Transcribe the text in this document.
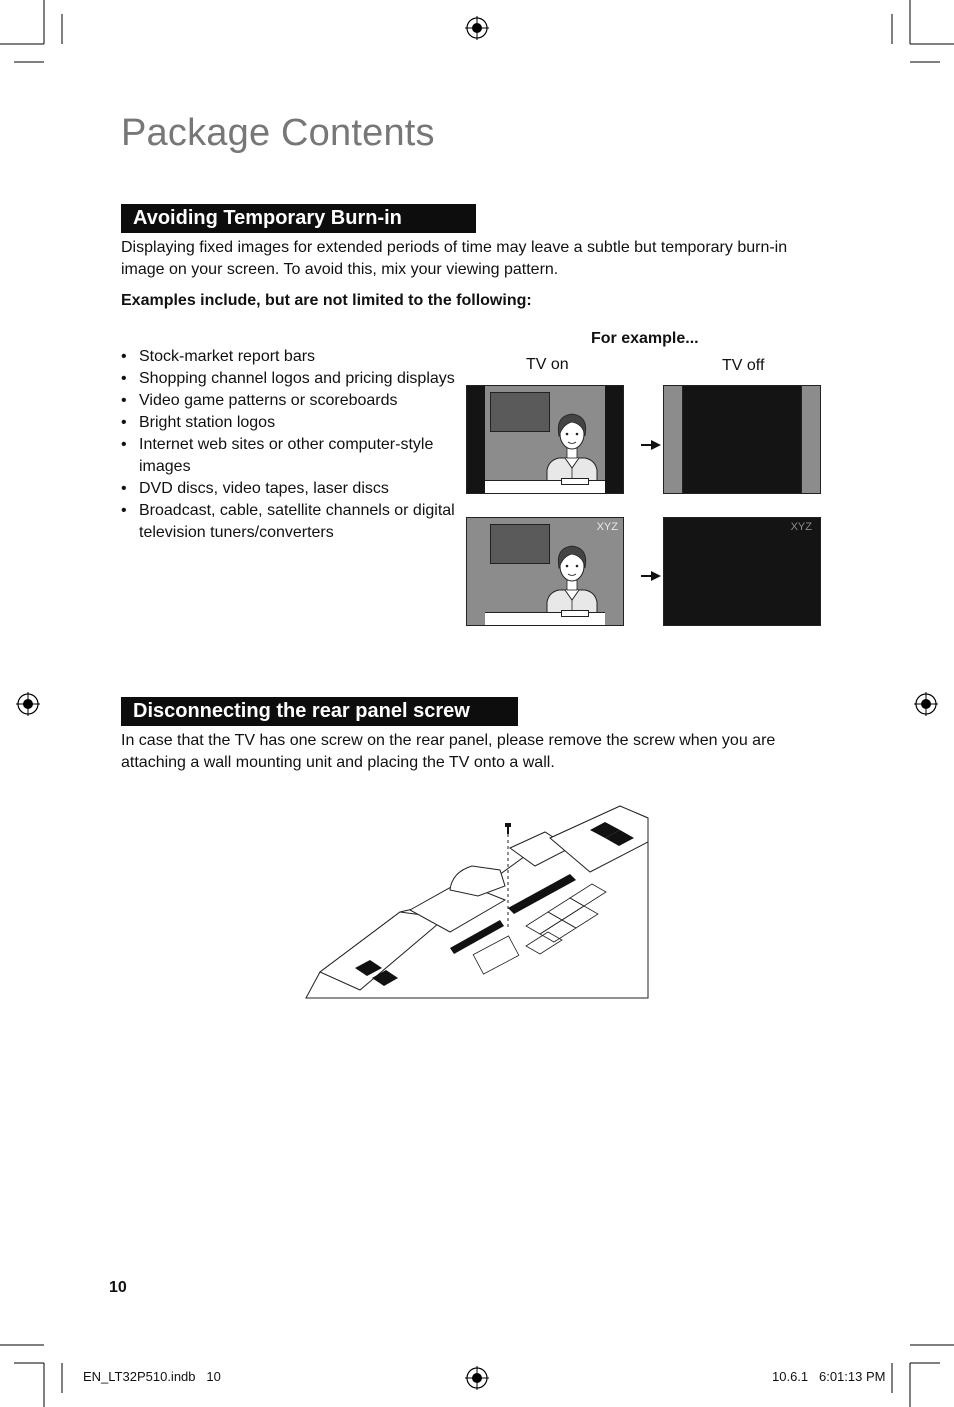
Package Contents
Avoiding Temporary Burn-in

Displaying fixed images for extended periods of time may leave a subtle but temporary burn-in image on your screen. To avoid this, mix your viewing pattern.

Examples include, but are not limited to the following:

• Stock-market report bars
• Shopping channel logos and pricing displays
• Video game patterns or scoreboards
• Bright station logos
• Internet web sites or other computer-style images
• DVD discs, video tapes, laser discs
• Broadcast, cable, satellite channels or digital television tuners/converters
For example...
TV on	TV off
XYZ	XYZ
Disconnecting the rear panel screw

In case that the TV has one screw on the rear panel, please remove the screw when you are attaching a wall mounting unit and placing the TV onto a wall.

10
EN_LT32P510.indb   10	10.6.1   6:01:13 PM
